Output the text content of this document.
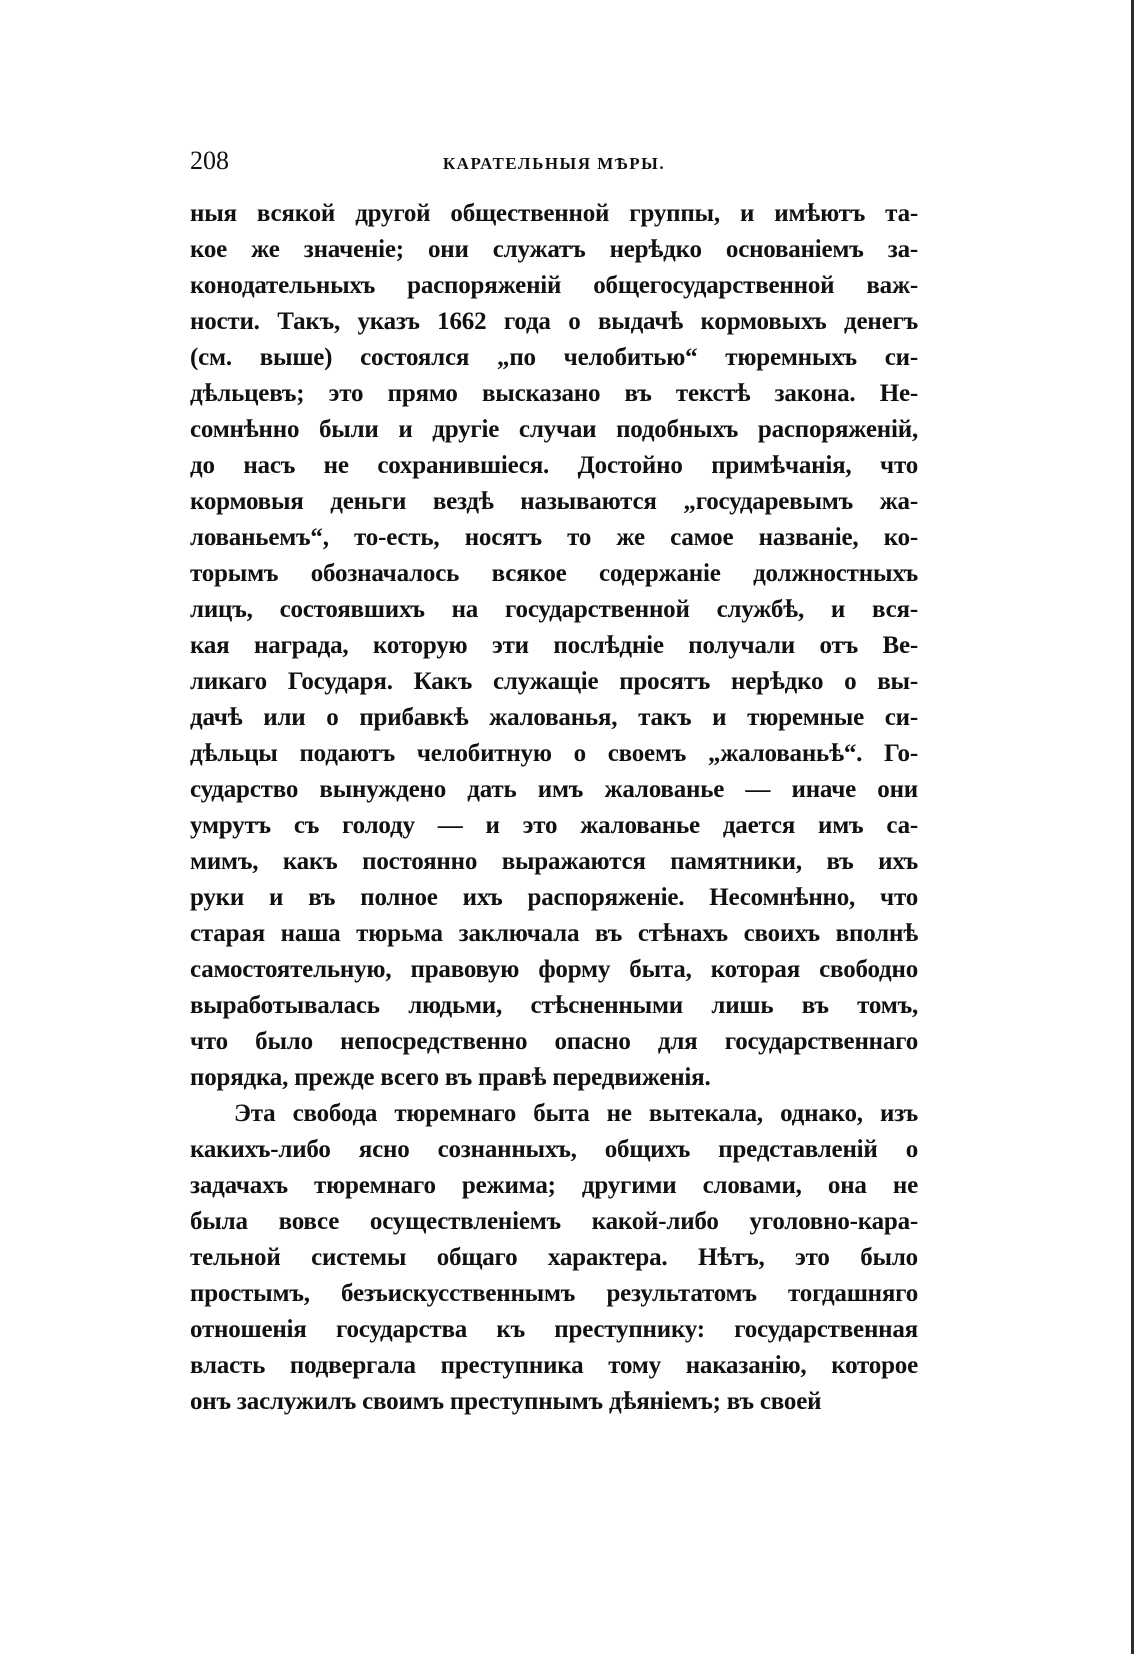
208	КАРАТЕЛЬНЫЯ МѢРЫ.
ныя всякой другой общественной группы, и имѣютъ та-
кое же значеніе; они служатъ нерѣдко основаніемъ за-
конодательныхъ распоряженій общегосударственной важ-
ности. Такъ, указъ 1662 года о выдачѣ кормовыхъ денегъ
(см. выше) состоялся „по челобитью“ тюремныхъ си-
дѣльцевъ; это прямо высказано въ текстѣ закона. Не-
сомнѣнно были и другіе случаи подобныхъ распоряженій,
до насъ не сохранившіеся. Достойно примѣчанія, что
кормовыя деньги вездѣ называются „государевымъ жа-
лованьемъ“, то-есть, носятъ то же самое названіе, ко-
торымъ обозначалось всякое содержаніе должностныхъ
лицъ, состоявшихъ на государственной службѣ, и вся-
кая награда, которую эти послѣдніе получали отъ Ве-
ликаго Государя. Какъ служащіе просятъ нерѣдко о вы-
дачѣ или о прибавкѣ жалованья, такъ и тюремные си-
дѣльцы подаютъ челобитную о своемъ „жалованьѣ“. Го-
сударство вынуждено дать имъ жалованье — иначе они
умрутъ съ голоду — и это жалованье дается имъ са-
мимъ, какъ постоянно выражаются памятники, въ ихъ
руки и въ полное ихъ распоряженіе. Несомнѣнно, что
старая наша тюрьма заключала въ стѣнахъ своихъ вполнѣ
самостоятельную, правовую форму быта, которая свободно
выработывалась людьми, стѣсненными лишь въ томъ,
что было непосредственно опасно для государственнаго
порядка, прежде всего въ правѣ передвиженія.
Эта свобода тюремнаго быта не вытекала, однако, изъ
какихъ-либо ясно сознанныхъ, общихъ представленій о
задачахъ тюремнаго режима; другими словами, она не
была вовсе осуществленіемъ какой-либо уголовно-кара-
тельной системы общаго характера. Нѣтъ, это было
простымъ, безъискусственнымъ результатомъ тогдашняго
отношенія государства къ преступнику: государственная
власть подвергала преступника тому наказанію, которое
онъ заслужилъ своимъ преступнымъ дѣяніемъ; въ своей
